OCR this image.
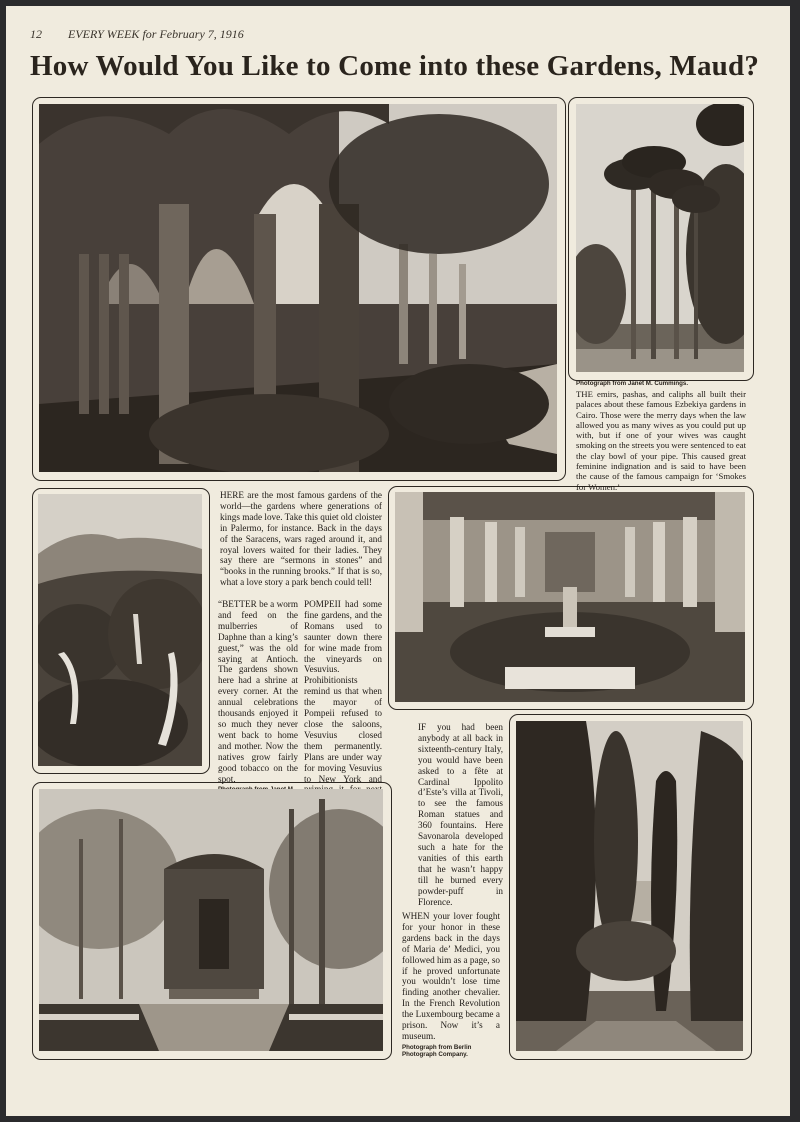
12 EVERY WEEK for February 7, 1916
How Would You Like to Come into these Gardens, Maud?

Photograph from Janet M. Cummings.

THE emirs, pashas, and caliphs all built their palaces about these famous Ezbekiya gardens in Cairo. Those were the merry days when the law allowed you as many wives as you could put up with, but if one of your wives was caught smoking on the streets you were sentenced to eat the clay bowl of your pipe. This caused great feminine indignation and is said to have been the cause of the famous campaign for ‘Smokes for Women.’

HERE are the most famous gardens of the world—the gardens where generations of kings made love. Take this quiet old cloister in Palermo, for instance. Back in the days of the Saracens, wars raged around it, and royal lovers waited for their ladies. They say there are “sermons in stones” and “books in the running brooks.” If that is so, what a love story a park bench could tell!

“BETTER be a worm and feed on the mulberries of Daphne than a king’s guest,” was the old saying at Antioch. The gardens shown here had a shrine at every corner. At the annual celebrations thousands enjoyed it so much they never went back to home and mother. Now the natives grow fairly good tobacco on the spot.

POMPEII had some fine gardens, and the Romans used to saunter down there for wine made from the vineyards on Vesuvius. Prohibitionists remind us that when the mayor of Pompeii refused to close the saloons, Vesuvius closed them permanently. Plans are under way for moving Vesuvius to New York and

IF you had been anybody at all back in sixteenth-century Italy, you would have been asked to a fête at Cardinal Ippolito d’Este’s villa at Tivoli, to see the famous Roman statues and 360 fountains. Here Savonarola developed such a hate for the vanities of this earth that he wasn’t happy till he burned every powder-puff in Florence.

WHEN your lover fought for your honor in these gardens back in the days of Maria de’ Medici, you followed him as a page, so if he proved unfortunate you wouldn’t lose time finding another chevalier. In the French Revolution the Luxembourg became a prison. Now it’s a museum.

Photograph from Berlin Photograph Company.
